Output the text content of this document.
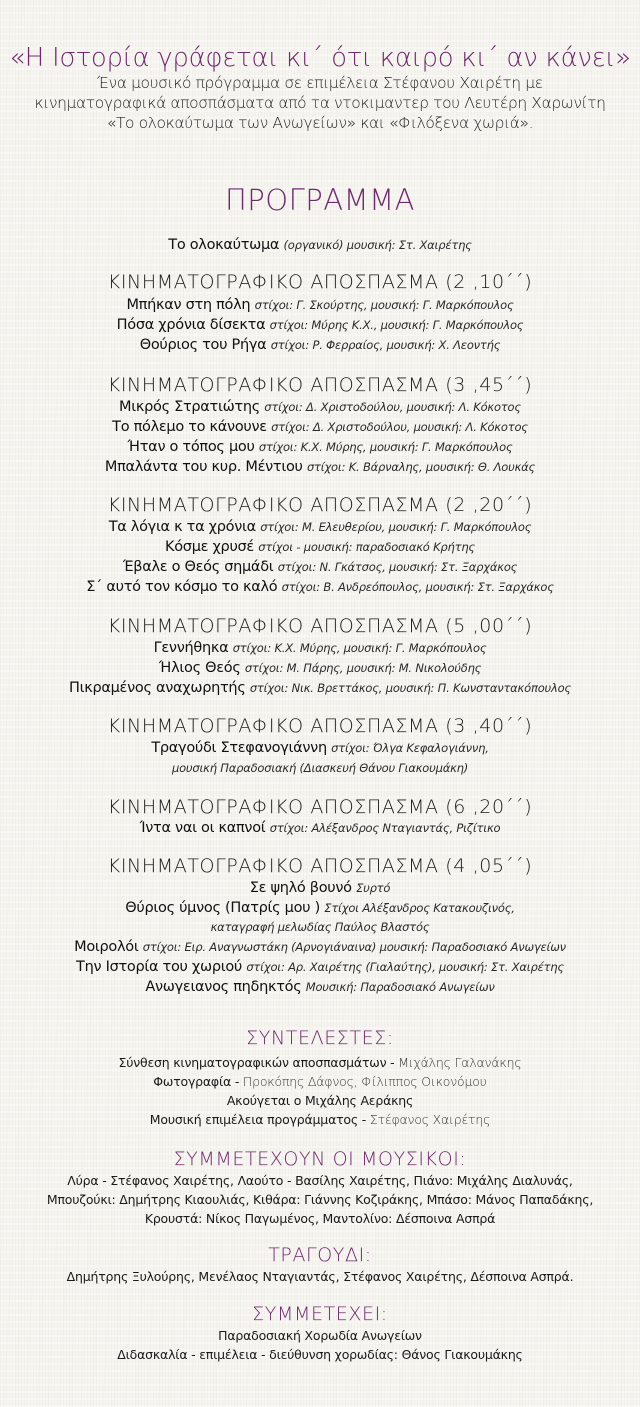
«Η Ιστορία γράφεται κι΄ ότι καιρό κι΄ αν κάνει»
Ένα μουσικό πρόγραμμα σε επιμέλεια Στέφανου Χαιρέτη με
κινηματογραφικά αποσπάσματα από τα ντοκιμαντερ του Λευτέρη Χαρωνίτη
«Το ολοκαύτωμα των Ανωγείων» και «Φιλόξενα χωριά».
ΠΡΟΓΡΑΜΜΑ
Το ολοκαύτωμα (οργανικό) μουσική: Στ. Χαιρέτης
ΚΙΝΗΜΑΤΟΓΡΑΦΙΚΟ ΑΠΟΣΠΑΣΜΑ (2 ,10΄΄)
Μπήκαν στη πόλη στίχοι: Γ. Σκούρτης, μουσική: Γ. Μαρκόπουλος
Πόσα χρόνια δίσεκτα στίχοι: Μύρης Κ.Χ., μουσική: Γ. Μαρκόπουλος
Θούριος του Ρήγα στίχοι: Ρ. Φερραίος, μουσική: Χ. Λεοντής
ΚΙΝΗΜΑΤΟΓΡΑΦΙΚΟ ΑΠΟΣΠΑΣΜΑ (3 ,45΄΄)
Μικρός Στρατιώτης στίχοι: Δ. Χριστοδούλου, μουσική: Λ. Κόκοτος
Το πόλεμο το κάνουνε στίχοι: Δ. Χριστοδούλου, μουσική: Λ. Κόκοτος
Ήταν ο τόπος μου στίχοι: Κ.Χ. Μύρης, μουσική: Γ. Μαρκόπουλος
Μπαλάντα του κυρ. Μέντιου στίχοι: Κ. Βάρναλης, μουσική: Θ. Λουκάς
ΚΙΝΗΜΑΤΟΓΡΑΦΙΚΟ ΑΠΟΣΠΑΣΜΑ (2 ,20΄΄)
Τα λόγια κ τα χρόνια στίχοι: Μ. Ελευθερίου, μουσική: Γ. Μαρκόπουλος
Κόσμε χρυσέ στίχοι - μουσική: παραδοσιακό Κρήτης
Έβαλε ο Θεός σημάδι στίχοι: Ν. Γκάτσος, μουσική: Στ. Ξαρχάκος
Σ΄ αυτό τον κόσμο το καλό στίχοι: Β. Ανδρεόπουλος, μουσική: Στ. Ξαρχάκος
ΚΙΝΗΜΑΤΟΓΡΑΦΙΚΟ ΑΠΟΣΠΑΣΜΑ (5 ,00΄΄)
Γεννήθηκα στίχοι: Κ.Χ. Μύρης, μουσική: Γ. Μαρκόπουλος
Ήλιος Θεός στίχοι: Μ. Πάρης, μουσική: Μ. Νικολούδης
Πικραμένος αναχωρητής στίχοι: Νικ. Βρεττάκος, μουσική: Π. Κωνσταντακόπουλος
ΚΙΝΗΜΑΤΟΓΡΑΦΙΚΟ ΑΠΟΣΠΑΣΜΑ (3 ,40΄΄)
Τραγούδι Στεφανογιάννη στίχοι: Όλγα Κεφαλογιάννη,
μουσική Παραδοσιακή (Διασκευή Θάνου Γιακουμάκη)
ΚΙΝΗΜΑΤΟΓΡΑΦΙΚΟ ΑΠΟΣΠΑΣΜΑ (6 ,20΄΄)
Ίντα ναι οι καπνοί στίχοι: Αλέξανδρος Νταγιαντάς, Ριζίτικο
ΚΙΝΗΜΑΤΟΓΡΑΦΙΚΟ ΑΠΟΣΠΑΣΜΑ (4 ,05΄΄)
Σε ψηλό βουνό Συρτό
Θύριος ύμνος (Πατρίς μου ) Στίχοι Αλέξανδρος Κατακουζινός,
καταγραφή μελωδίας Παύλος Βλαστός
Μοιρολόι στίχοι: Ειρ. Αναγνωστάκη (Αρνογιάναινα) μουσική: Παραδοσιακό Ανωγείων
Την Ιστορία του χωριού στίχοι: Αρ. Χαιρέτης (Γιαλαύτης), μουσική: Στ. Χαιρέτης
Ανωγειανος πηδηκτός Μουσική: Παραδοσιακό Ανωγείων
ΣΥΝΤΕΛΕΣΤΕΣ:
Σύνθεση κινηματογραφικών αποσπασμάτων - Μιχάλης Γαλανάκης
Φωτογραφία - Προκόπης Δάφνος, Φίλιππος Οικονόμου
Ακούγεται ο Μιχάλης Αεράκης
Μουσική επιμέλεια προγράμματος - Στέφανος Χαιρέτης
ΣΥΜΜΕΤΕΧΟΥΝ ΟΙ ΜΟΥΣΙΚΟΙ:
Λύρα - Στέφανος Χαιρέτης, Λαούτο - Βασίλης Χαιρέτης, Πιάνο: Μιχάλης Διαλυνάς,
Μπουζούκι: Δημήτρης Κιαουλιάς, Κιθάρα: Γιάννης Κοζιράκης, Μπάσο: Μάνος Παπαδάκης,
Κρουστά: Νίκος Παγωμένος, Μαντολίνο: Δέσποινα Ασπρά
ΤΡΑΓΟΥΔΙ:
Δημήτρης Ξυλούρης, Μενέλαος Νταγιαντάς, Στέφανος Χαιρέτης, Δέσποινα Ασπρά.
ΣΥΜΜΕΤΕΧΕΙ:
Παραδοσιακή Χορωδία Ανωγείων
Διδασκαλία - επιμέλεια - διεύθυνση χορωδίας: Θάνος Γιακουμάκης
